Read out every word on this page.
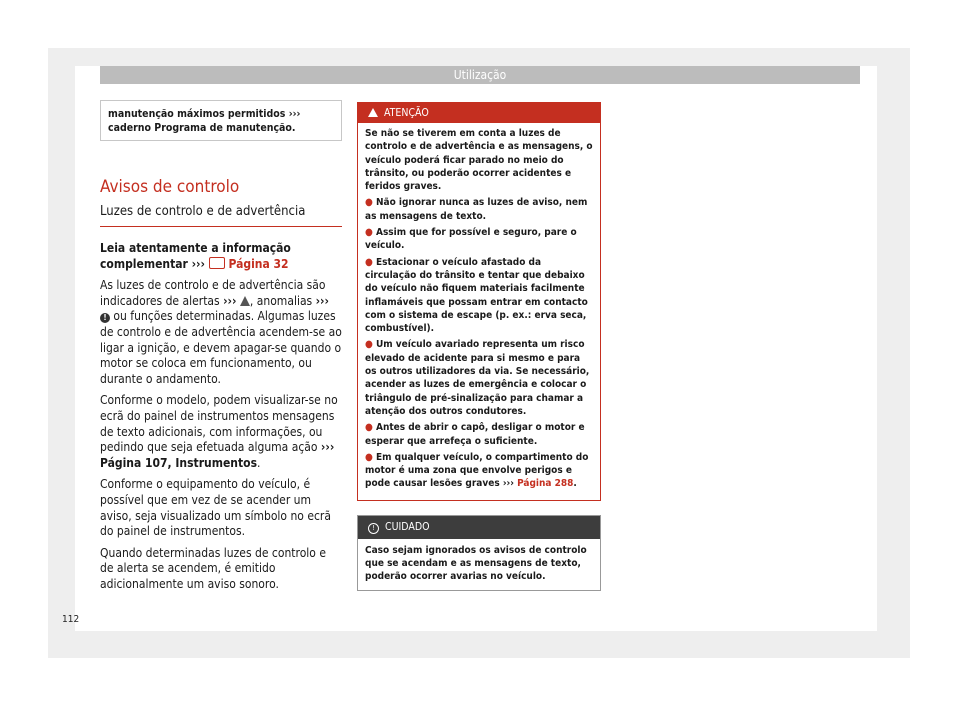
Utilização
manutenção máximos permitidos ››› caderno Programa de manutenção.
Avisos de controlo
Luzes de controlo e de advertência
Leia atentamente a informação complementar ››› Página 32
As luzes de controlo e de advertência são indicadores de alertas ››› , anomalias ››› ! ou funções determinadas. Algumas luzes de controlo e de advertência acendem-se ao ligar a ignição, e devem apagar-se quando o motor se coloca em funcionamento, ou durante o andamento.
Conforme o modelo, podem visualizar-se no ecrã do painel de instrumentos mensagens de texto adicionais, com informações, ou pedindo que seja efetuada alguma ação ››› Página 107, Instrumentos.
Conforme o equipamento do veículo, é possível que em vez de se acender um aviso, seja visualizado um símbolo no ecrã do painel de instrumentos.
Quando determinadas luzes de controlo e de alerta se acendem, é emitido adicionalmente um aviso sonoro.
ATENÇÃO

Se não se tiverem em conta a luzes de controlo e de advertência e as mensagens, o veículo poderá ficar parado no meio do trânsito, ou poderão ocorrer acidentes e feridos graves.

● Não ignorar nunca as luzes de aviso, nem as mensagens de texto.

● Assim que for possível e seguro, pare o veículo.

● Estacionar o veículo afastado da circulação do trânsito e tentar que debaixo do veículo não fiquem materiais facilmente inflamáveis que possam entrar em contacto com o sistema de escape (p. ex.: erva seca, combustível).

● Um veículo avariado representa um risco elevado de acidente para si mesmo e para os outros utilizadores da via. Se necessário, acender as luzes de emergência e colocar o triângulo de pré-sinalização para chamar a atenção dos outros condutores.

● Antes de abrir o capô, desligar o motor e esperar que arrefeça o suficiente.

● Em qualquer veículo, o compartimento do motor é uma zona que envolve perigos e pode causar lesões graves ››› Página 288.

! CUIDADO
Caso sejam ignorados os avisos de controlo que se acendam e as mensagens de texto, poderão ocorrer avarias no veículo.
112
